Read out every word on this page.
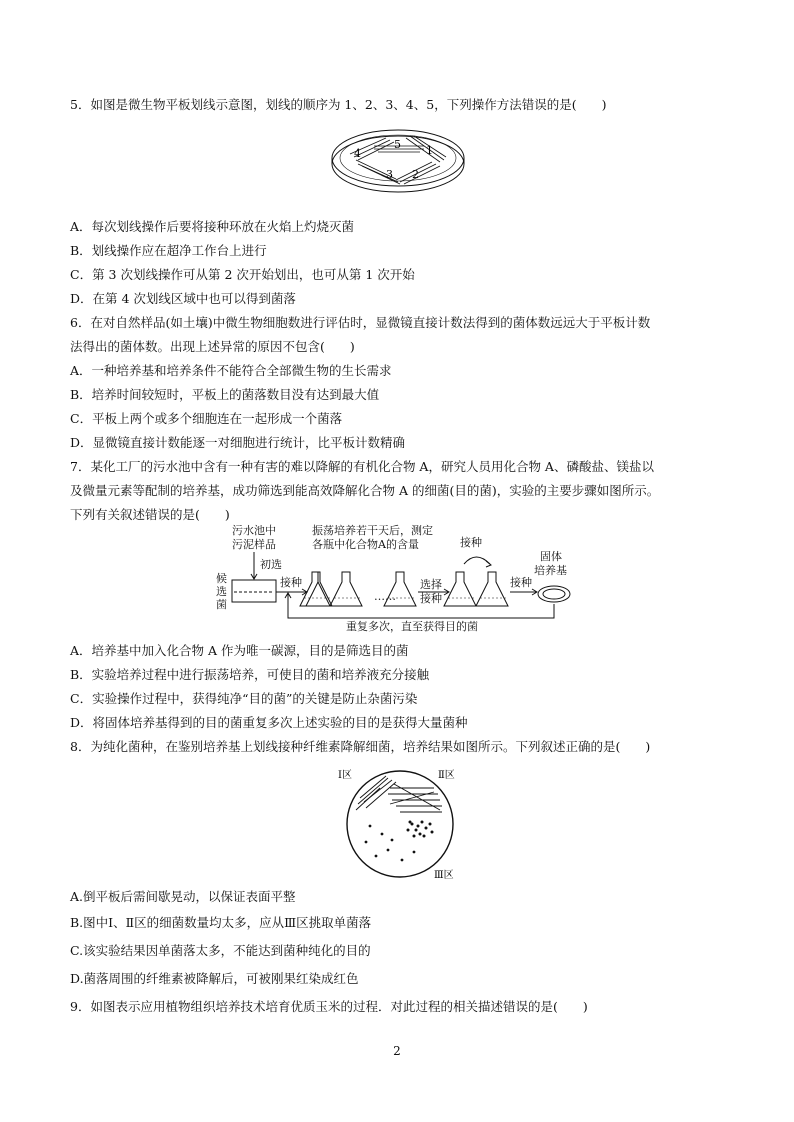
5．如图是微生物平板划线示意图，划线的顺序为 1、2、3、4、5，下列操作方法错误的是(　　)
1
2
3
4
5
A．每次划线操作后要将接种环放在火焰上灼烧灭菌
B．划线操作应在超净工作台上进行
C．第 3 次划线操作可从第 2 次开始划出，也可从第 1 次开始
D．在第 4 次划线区域中也可以得到菌落
6．在对自然样品(如土壤)中微生物细胞数进行评估时，显微镜直接计数法得到的菌体数远远大于平板计数
法得出的菌体数。出现上述异常的原因不包含(　　)
A．一种培养基和培养条件不能符合全部微生物的生长需求
B．培养时间较短时，平板上的菌落数目没有达到最大值
C．平板上两个或多个细胞连在一起形成一个菌落
D．显微镜直接计数能逐一对细胞进行统计，比平板计数精确
7．某化工厂的污水池中含有一种有害的难以降解的有机化合物 A，研究人员用化合物 A、磷酸盐、镁盐以
及微量元素等配制的培养基，成功筛选到能高效降解化合物 A 的细菌(目的菌)，实验的主要步骤如图所示。
下列有关叙述错误的是(　　)
污水池中
污泥样品
初选
候
选
菌
振荡培养若干天后，测定
各瓶中化合物A的含量
接种
接种
选择
接种
接种
固体
培养基
……
重复多次，直至获得目的菌
A．培养基中加入化合物 A 作为唯一碳源，目的是筛选目的菌
B．实验培养过程中进行振荡培养，可使目的菌和培养液充分接触
C．实验操作过程中，获得纯净“目的菌”的关键是防止杂菌污染
D．将固体培养基得到的目的菌重复多次上述实验的目的是获得大量菌种
8．为纯化菌种，在鉴别培养基上划线接种纤维素降解细菌，培养结果如图所示。下列叙述正确的是(　　)
Ⅰ区	Ⅱ区
Ⅲ区
A.倒平板后需间歇晃动，以保证表面平整
B.图中Ⅰ、Ⅱ区的细菌数量均太多，应从Ⅲ区挑取单菌落
C.该实验结果因单菌落太多，不能达到菌种纯化的目的
D.菌落周围的纤维素被降解后，可被刚果红染成红色
9．如图表示应用植物组织培养技术培育优质玉米的过程．对此过程的相关描述错误的是(　　)
2
